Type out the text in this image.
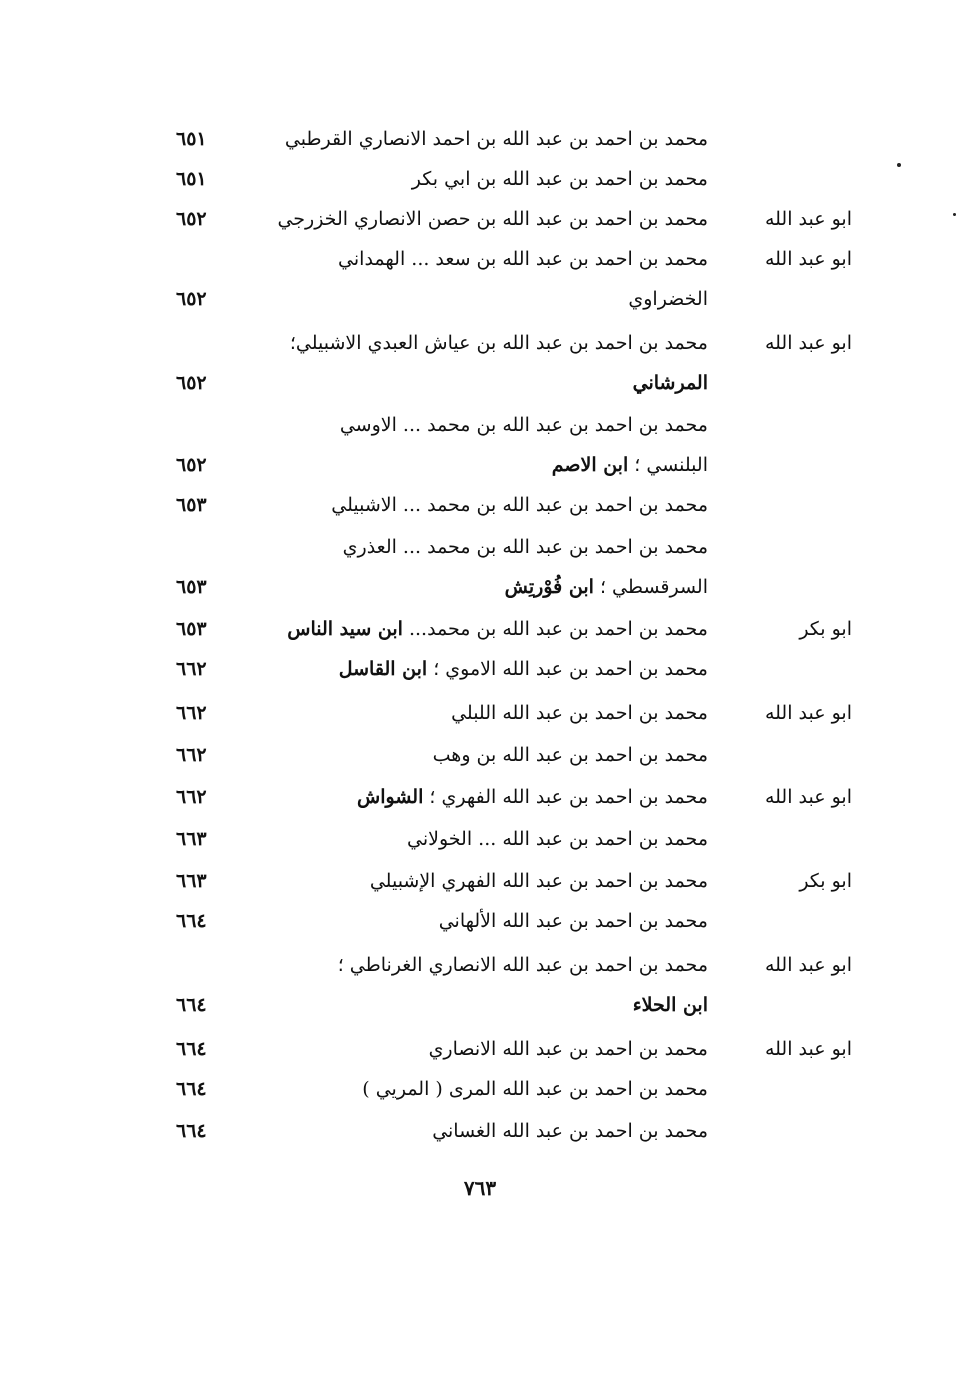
محمد بن احمد بن عبد الله بن احمد الانصاري القرطبي
٦٥١
محمد بن احمد بن عبد الله بن ابي بكر
٦٥١
ابو عبد الله
محمد بن احمد بن عبد الله بن حصن الانصاري الخزرجي
٦٥٢
ابو عبد الله
محمد بن احمد بن عبد الله بن سعد ... الهمداني
الخضراوي
٦٥٢
ابو عبد الله
محمد بن احمد بن عبد الله بن عياش العبدي الاشبيلي؛
المرشاني
٦٥٢
محمد بن احمد بن عبد الله بن محمد ... الاوسي
البلنسي ؛ ابن الاصم
٦٥٢
محمد بن احمد بن عبد الله بن محمد ... الاشبيلي
٦٥٣
محمد بن احمد بن عبد الله بن محمد ... العذري
السرقسطي ؛ ابن فُوْرتِش
٦٥٣
ابو بكر
محمد بن احمد بن عبد الله بن محمد... ابن سيد الناس
٦٥٣
محمد بن احمد بن عبد الله الاموي ؛ ابن القاسل
٦٦٢
ابو عبد الله
محمد بن احمد بن عبد الله اللبلي
٦٦٢
محمد بن احمد بن عبد الله بن وهب
٦٦٢
ابو عبد الله
محمد بن احمد بن عبد الله الفهري ؛ الشواش
٦٦٢
محمد بن احمد بن عبد الله ... الخولاني
٦٦٣
ابو بكر
محمد بن احمد بن عبد الله الفهري الإشبيلي
٦٦٣
محمد بن احمد بن عبد الله الألهاني
٦٦٤
ابو عبد الله
محمد بن احمد بن عبد الله الانصاري الغرناطي ؛
ابن الحلاء
٦٦٤
ابو عبد الله
محمد بن احمد بن عبد الله الانصاري
٦٦٤
محمد بن احمد بن عبد الله المرى ( المريي )
٦٦٤
محمد بن احمد بن عبد الله الغساني
٦٦٤
٧٦٣
